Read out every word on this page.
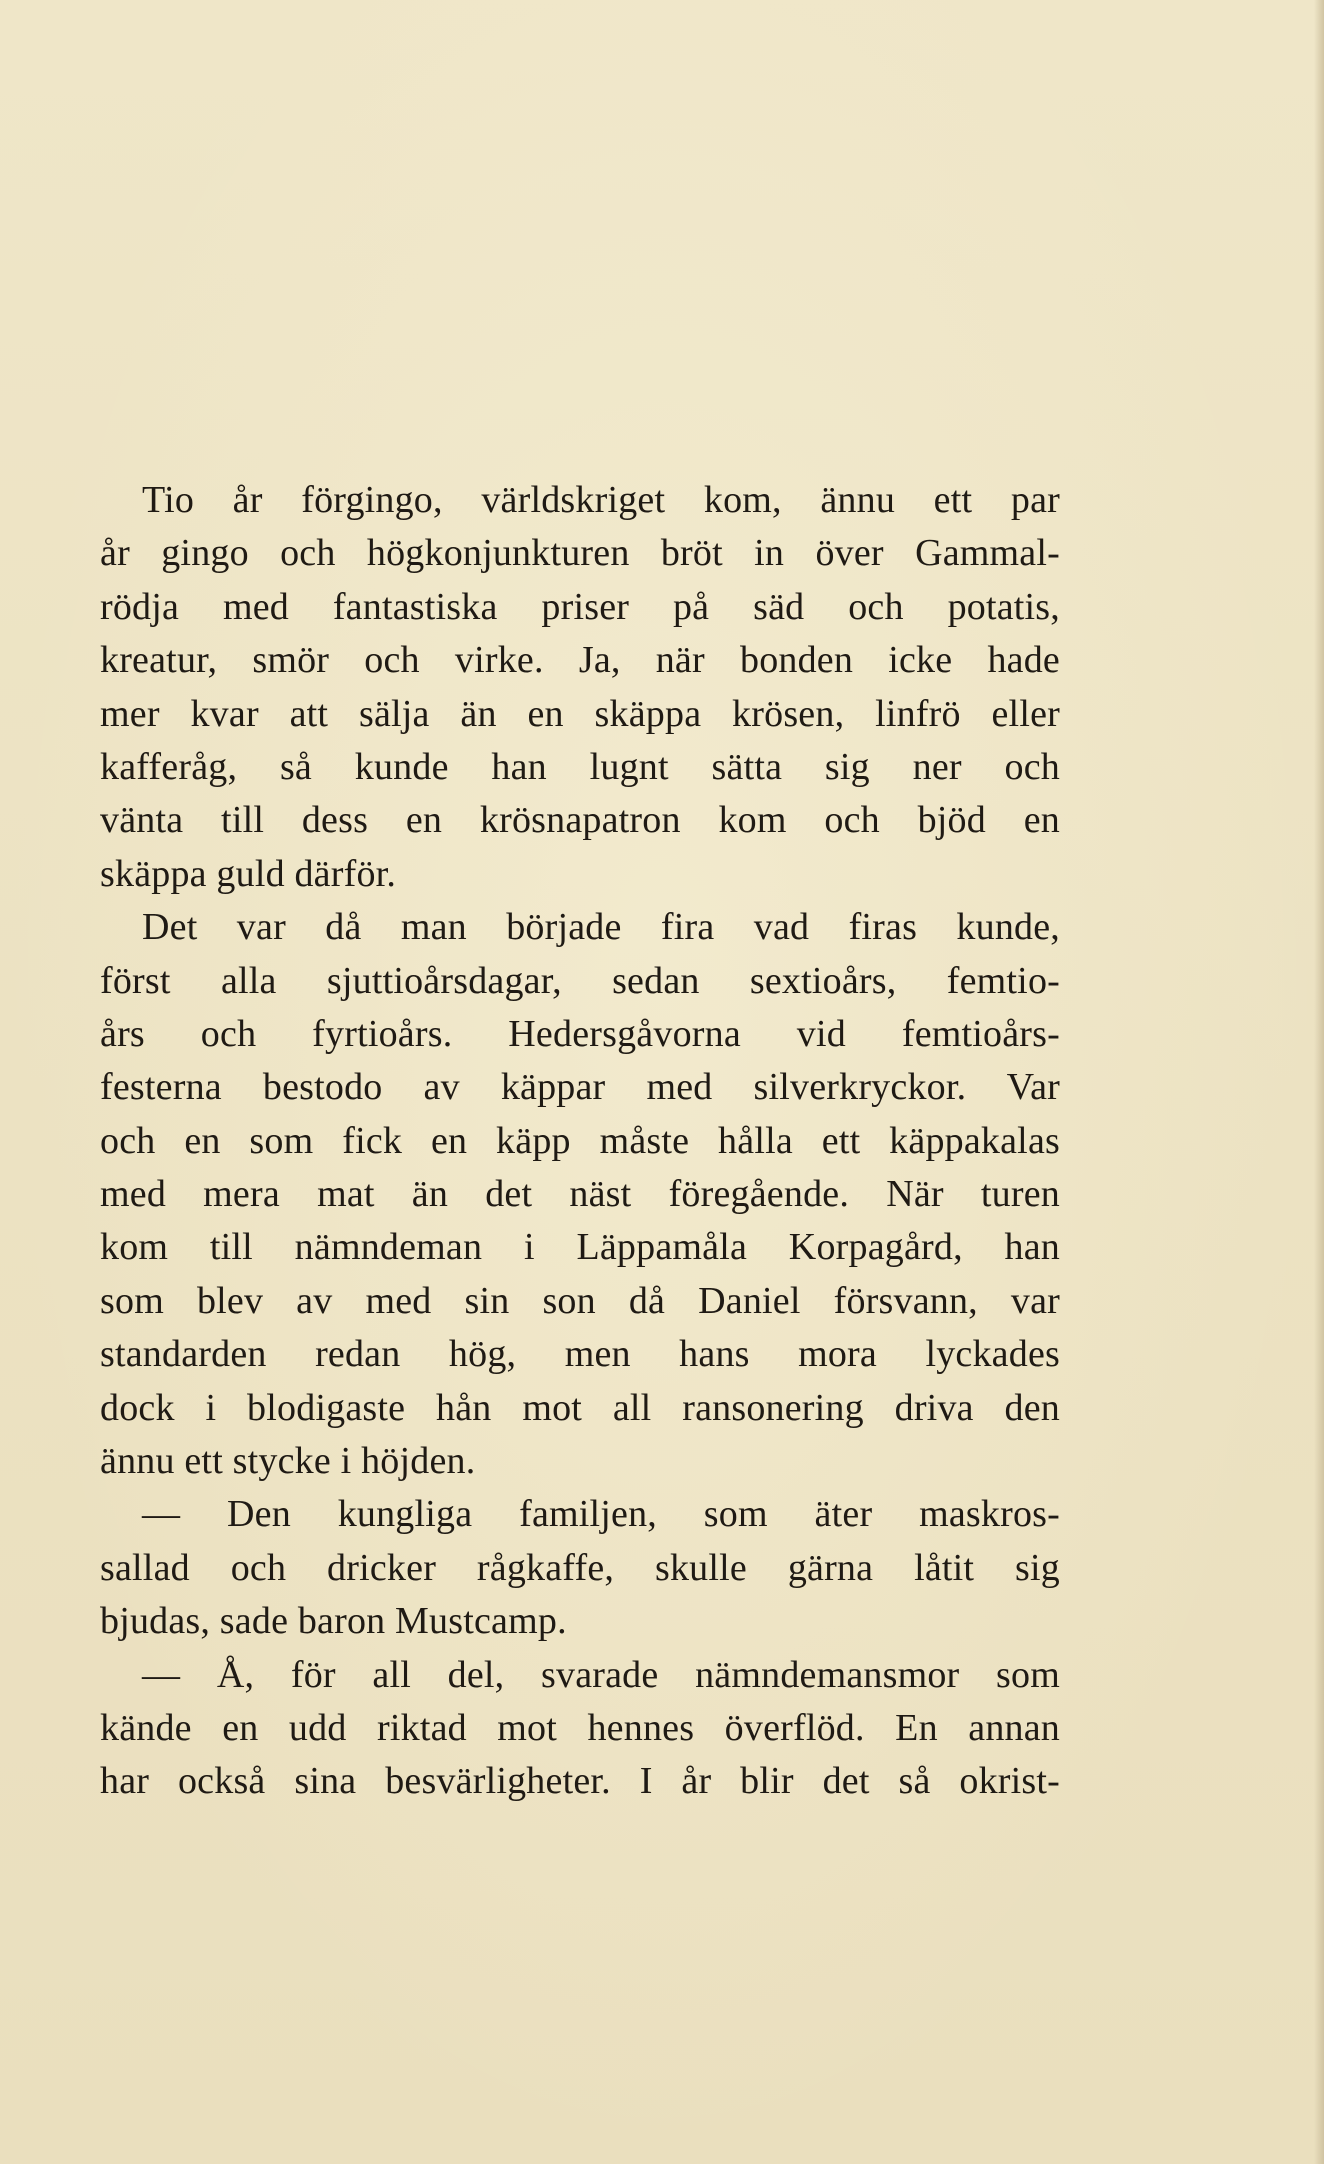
Tio år förgingo, världskriget kom, ännu ett par
år gingo och högkonjunkturen bröt in över Gammal-
rödja med fantastiska priser på säd och potatis,
kreatur, smör och virke. Ja, när bonden icke hade
mer kvar att sälja än en skäppa krösen, linfrö eller
kafferåg, så kunde han lugnt sätta sig ner och
vänta till dess en krösnapatron kom och bjöd en
skäppa guld därför.
Det var då man började fira vad firas kunde,
först alla sjuttioårsdagar, sedan sextioårs, femtio-
års och fyrtioårs. Hedersgåvorna vid femtioårs-
festerna bestodo av käppar med silverkryckor. Var
och en som fick en käpp måste hålla ett käppakalas
med mera mat än det näst föregående. När turen
kom till nämndeman i Läppamåla Korpagård, han
som blev av med sin son då Daniel försvann, var
standarden redan hög, men hans mora lyckades
dock i blodigaste hån mot all ransonering driva den
ännu ett stycke i höjden.
— Den kungliga familjen, som äter maskros-
sallad och dricker rågkaffe, skulle gärna låtit sig
bjudas, sade baron Mustcamp.
— Å, för all del, svarade nämndemansmor som
kände en udd riktad mot hennes överflöd. En annan
har också sina besvärligheter. I år blir det så okrist-
